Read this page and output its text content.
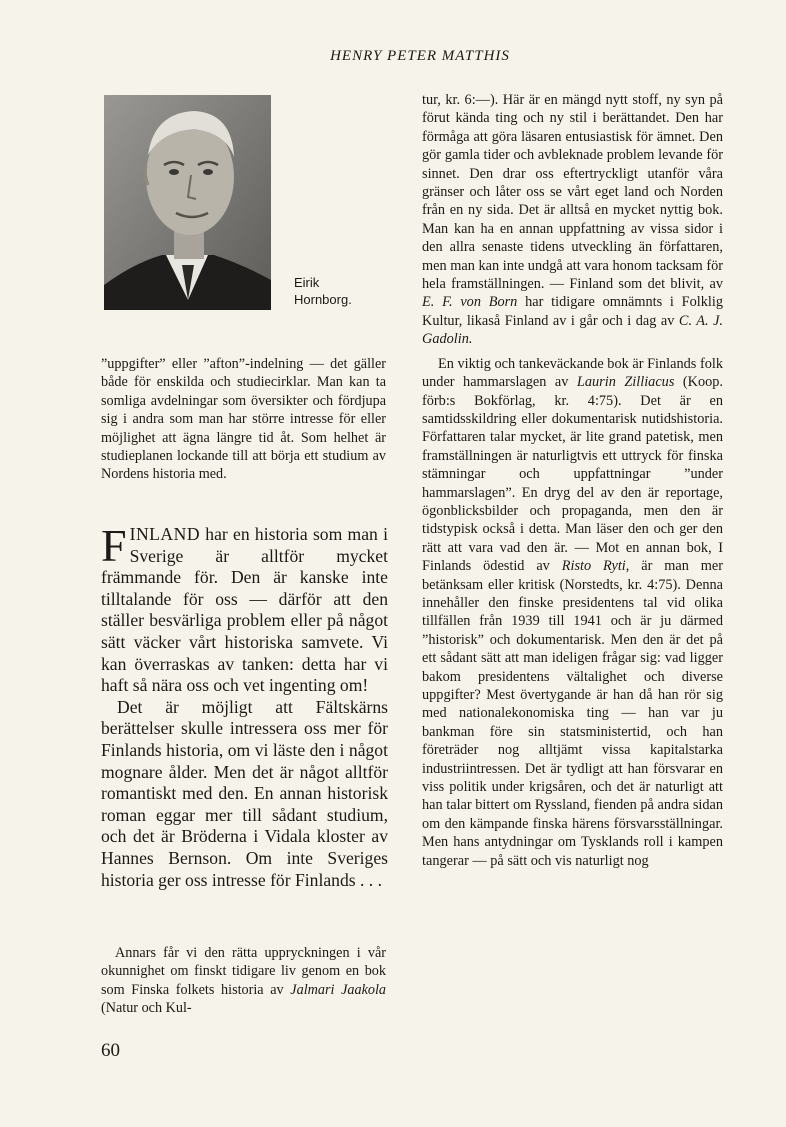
HENRY PETER MATTHIS
Eirik
Hornborg.
”uppgifter” eller ”afton”-indelning — det gäller både för enskilda och studiecirklar. Man kan ta somliga avdelningar som översikter och fördjupa sig i andra som man har större intresse för eller möjlighet att ägna längre tid åt. Som helhet är studieplanen lockande till att börja ett studium av Nordens historia med.

FINLAND har en historia som man i Sverige är alltför mycket främmande för. Den är kanske inte tilltalande för oss — därför att den ställer besvärliga problem eller på något sätt väcker vårt historiska samvete. Vi kan överraskas av tanken: detta har vi haft så nära oss och vet ingenting om!

Det är möjligt att Fältskärns berättelser skulle intressera oss mer för Finlands historia, om vi läste den i något mognare ålder. Men det är något alltför romantiskt med den. En annan historisk roman eggar mer till sådant studium, och det är Bröderna i Vidala kloster av Hannes Bernson. Om inte Sveriges historia ger oss intresse för Finlands . . .

Annars får vi den rätta uppryckningen i vår okunnighet om finskt tidigare liv genom en bok som Finska folkets historia av Jalmari Jaakola (Natur och Kul-

tur, kr. 6:—). Här är en mängd nytt stoff, ny syn på förut kända ting och ny stil i berättandet. Den har förmåga att göra läsaren entusiastisk för ämnet. Den gör gamla tider och avbleknade problem levande för sinnet. Den drar oss eftertryckligt utanför våra gränser och låter oss se vårt eget land och Norden från en ny sida. Det är alltså en mycket nyttig bok. Man kan ha en annan uppfattning av vissa sidor i den allra senaste tidens utveckling än författaren, men man kan inte undgå att vara honom tacksam för hela framställningen. — Finland som det blivit, av E. F. von Born har tidigare omnämnts i Folklig Kultur, likaså Finland av i går och i dag av C. A. J. Gadolin.

En viktig och tankeväckande bok är Finlands folk under hammarslagen av Laurin Zilliacus (Koop. förb:s Bokförlag, kr. 4:75). Det är en samtidsskildring eller dokumentarisk nutidshistoria. Författaren talar mycket, är lite grand patetisk, men framställningen är naturligtvis ett uttryck för finska stämningar och uppfattningar ”under hammarslagen”. En dryg del av den är reportage, ögonblicksbilder och propaganda, men den är tidstypisk också i detta. Man läser den och ger den rätt att vara vad den är. — Mot en annan bok, I Finlands ödestid av Risto Ryti, är man mer betänksam eller kritisk (Norstedts, kr. 4:75). Denna innehåller den finske presidentens tal vid olika tillfällen från 1939 till 1941 och är ju därmed ”historisk” och dokumentarisk. Men den är det på ett sådant sätt att man ideligen frågar sig: vad ligger bakom presidentens vältalighet och diverse uppgifter? Mest övertygande är han då han rör sig med nationalekonomiska ting — han var ju bankman före sin statsministertid, och han företräder nog alltjämt vissa kapitalstarka industriintressen. Det är tydligt att han försvarar en viss politik under krigsåren, och det är naturligt att han talar bittert om Ryssland, fienden på andra sidan om den kämpande finska härens försvarsställningar. Men hans antydningar om Tysklands roll i kampen tangerar — på sätt och vis naturligt nog

60
